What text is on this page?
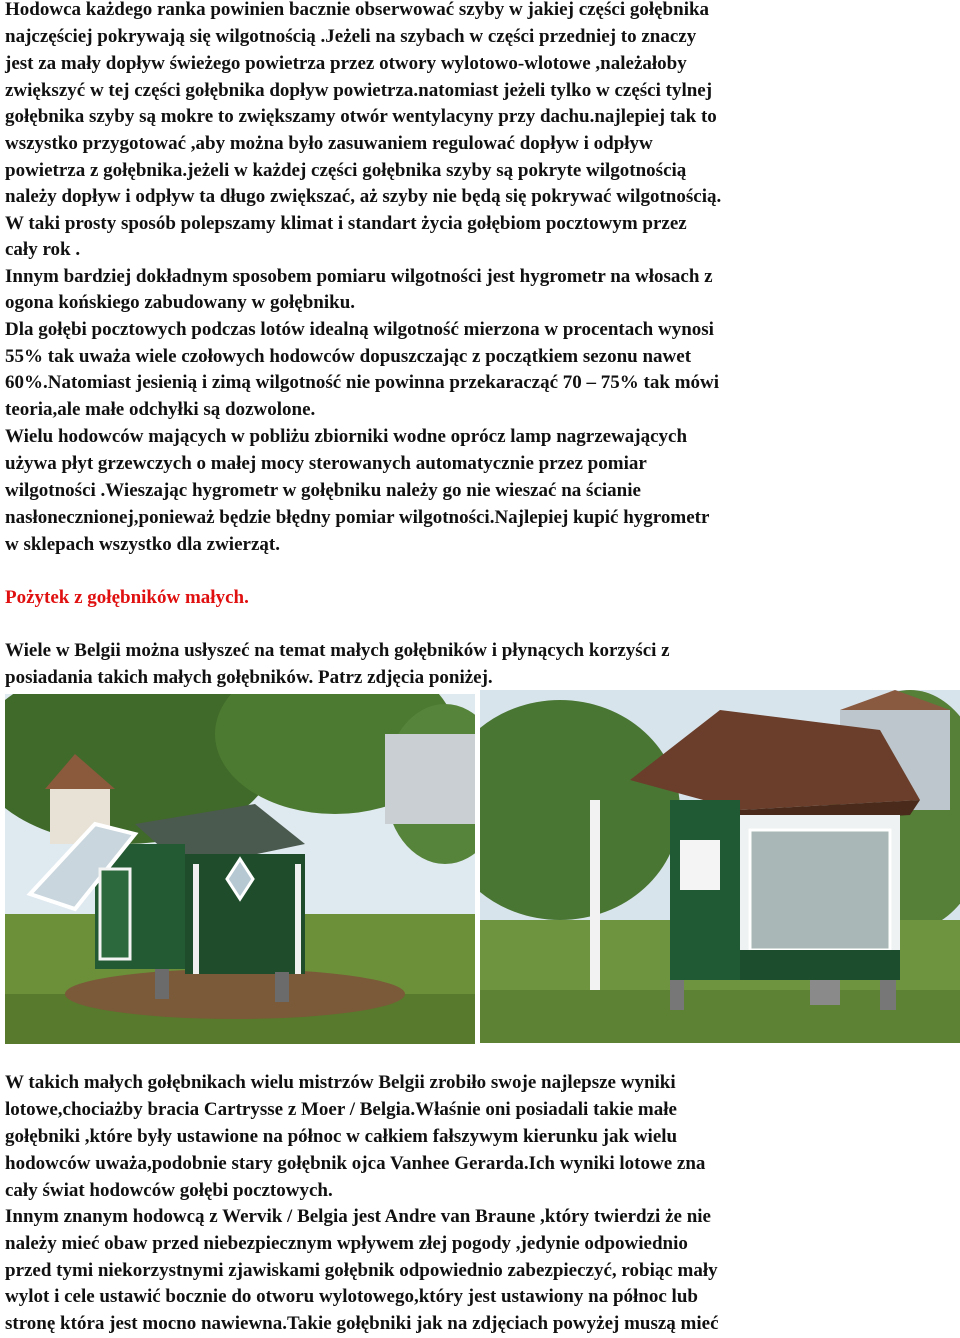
Hodowca każdego ranka powinien bacznie obserwować szyby w jakiej części gołębnika
najczęściej pokrywają się wilgotnością .Jeżeli na szybach w części przedniej to znaczy
jest za mały dopływ świeżego powietrza przez otwory wylotowo-wlotowe ,należałoby
zwiększyć w tej części gołębnika dopływ powietrza.natomiast jeżeli tylko w części tylnej
gołębnika szyby są mokre to zwiększamy otwór wentylacyny przy dachu.najlepiej tak to
wszystko przygotować ,aby można było zasuwaniem regulować dopływ i odpływ
powietrza z gołębnika.jeżeli w każdej części gołębnika szyby są pokryte wilgotnością
należy dopływ i odpływ ta długo zwiększać, aż szyby nie będą się pokrywać wilgotnością.
W taki prosty sposób polepszamy klimat i standart życia gołębiom pocztowym przez
cały rok .
Innym bardziej dokładnym sposobem pomiaru wilgotności jest hygrometr na włosach z
ogona końskiego zabudowany w gołębniku.
Dla gołębi pocztowych podczas lotów idealną wilgotność mierzona w procentach wynosi
55% tak uważa wiele czołowych hodowców dopuszczając z początkiem sezonu nawet
60%.Natomiast jesienią i zimą wilgotność nie powinna przekaracząć 70 – 75% tak mówi
teoria,ale małe odchyłki są dozwolone.
Wielu hodowców mających w pobliżu zbiorniki wodne oprócz lamp nagrzewających
używa płyt grzewczych o małej mocy sterowanych automatycznie przez pomiar
wilgotności .Wieszając hygrometr w gołębniku należy go nie wieszać na ścianie
nasłonecznionej,ponieważ będzie błędny pomiar wilgotności.Najlepiej kupić hygrometr
w sklepach wszystko dla zwierząt.
Pożytek z gołębników małych.
Wiele w Belgii można usłyszeć na temat małych gołębników i płynących korzyści z
posiadania takich małych gołębników. Patrz zdjęcia poniżej.
W takich małych gołębnikach wielu mistrzów Belgii zrobiło swoje najlepsze wyniki
lotowe,chociażby bracia Cartrysse z Moer / Belgia.Właśnie oni posiadali takie małe
gołębniki ,które były ustawione na północ w całkiem fałszywym kierunku jak wielu
hodowców uważa,podobnie stary gołębnik ojca Vanhee Gerarda.Ich wyniki lotowe zna
cały świat hodowców gołębi pocztowych.
Innym znanym hodowcą z Wervik / Belgia jest Andre van Braune ,który twierdzi że nie
należy mieć obaw przed niebezpiecznym wpływem złej pogody ,jedynie odpowiednio
przed tymi niekorzystnymi zjawiskami gołębnik odpowiednio zabezpieczyć, robiąc mały
wylot i cele ustawić bocznie do otworu wylotowego,który jest ustawiony na północ lub
stronę która jest mocno nawiewna.Takie gołębniki jak na zdjęciach powyżej muszą mieć
